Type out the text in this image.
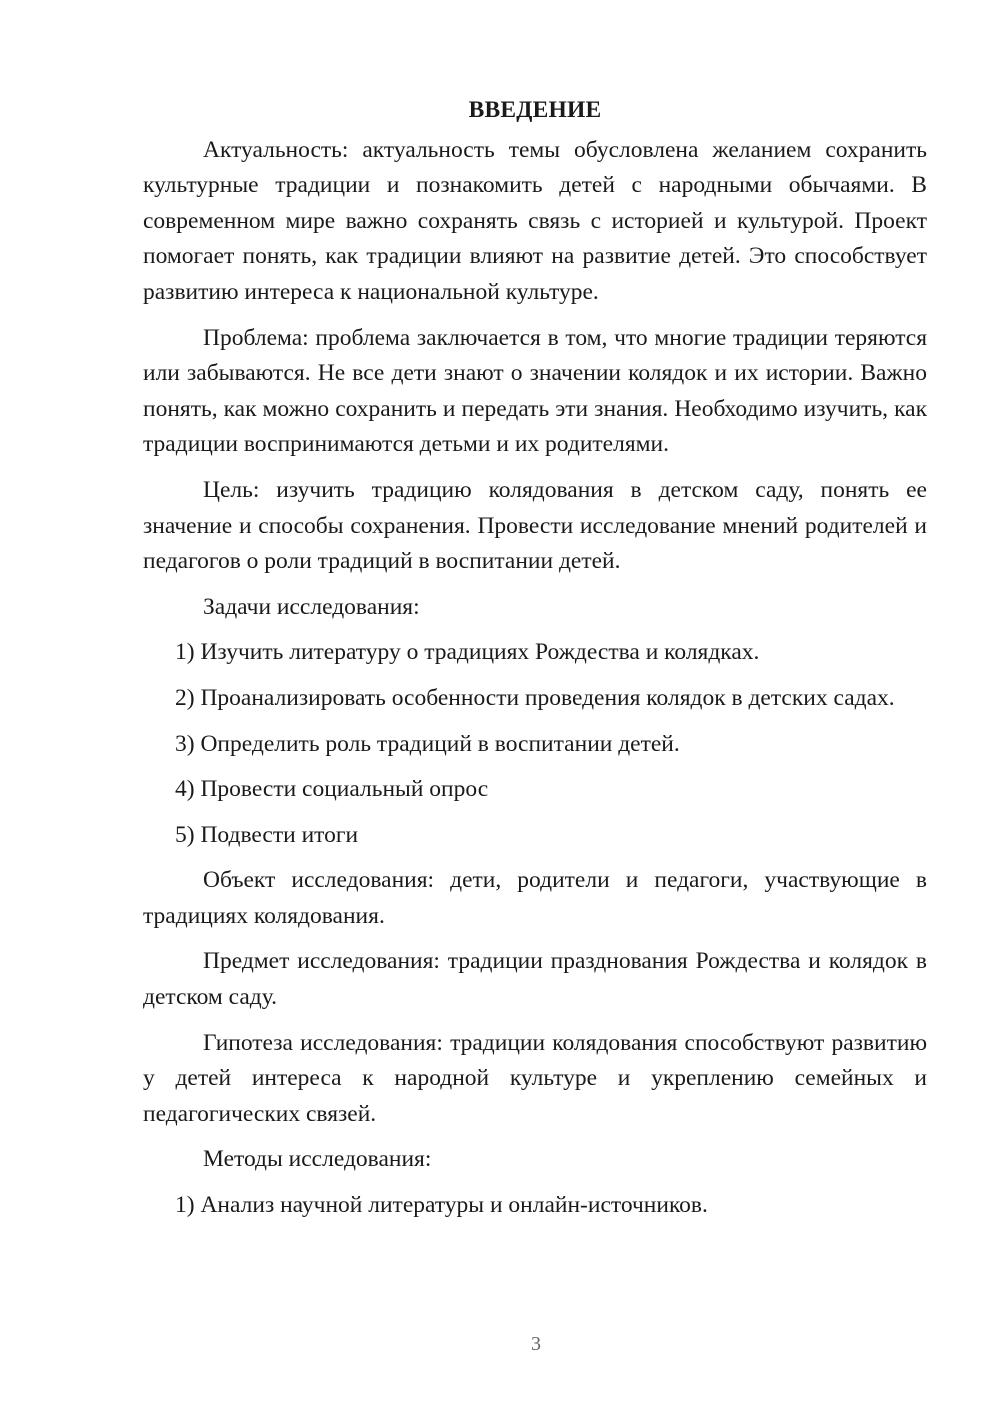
ВВЕДЕНИЕ

Актуальность: актуальность темы обусловлена желанием сохранить культурные традиции и познакомить детей с народными обычаями. В современном мире важно сохранять связь с историей и культурой. Проект помогает понять, как традиции влияют на развитие детей. Это способствует развитию интереса к национальной культуре.

Проблема: проблема заключается в том, что многие традиции теряются или забываются. Не все дети знают о значении колядок и их истории. Важно понять, как можно сохранить и передать эти знания. Необходимо изучить, как традиции воспринимаются детьми и их родителями.

Цель: изучить традицию колядования в детском саду, понять ее значение и способы сохранения. Провести исследование мнений родителей и педагогов о роли традиций в воспитании детей.

Задачи исследования:

1) Изучить литературу о традициях Рождества и колядках.

2) Проанализировать особенности проведения колядок в детских садах.

3) Определить роль традиций в воспитании детей.

4) Провести социальный опрос

5) Подвести итоги

Объект исследования: дети, родители и педагоги, участвующие в традициях колядования.

Предмет исследования: традиции празднования Рождества и колядок в детском саду.

Гипотеза исследования: традиции колядования способствуют развитию у детей интереса к народной культуре и укреплению семейных и педагогических связей.

Методы исследования:

1) Анализ научной литературы и онлайн-источников.

3
